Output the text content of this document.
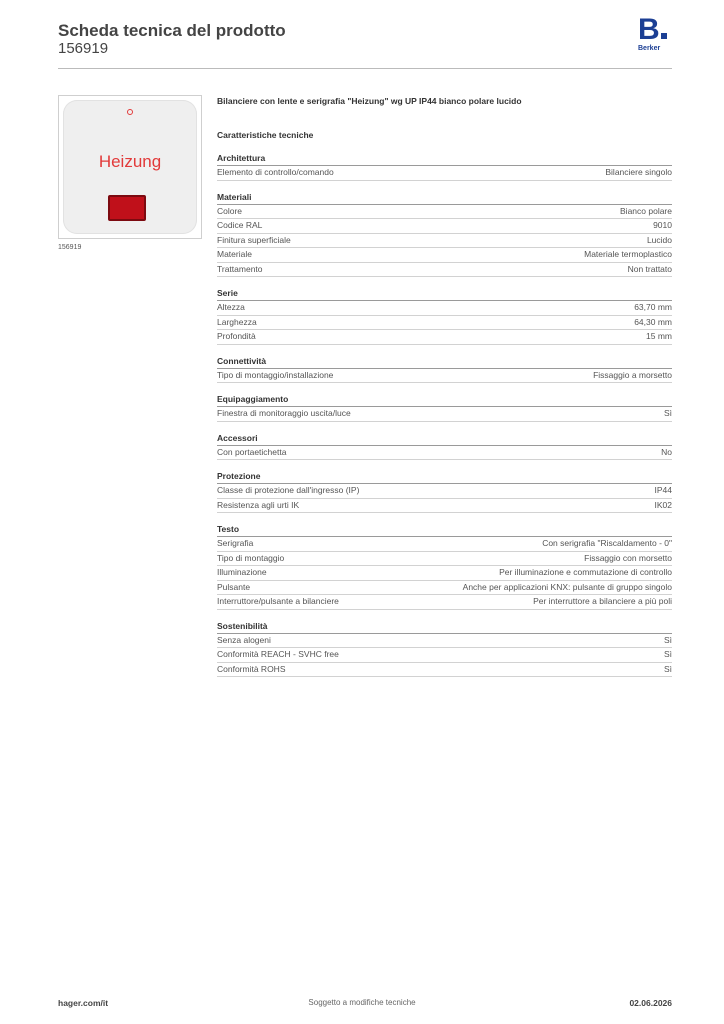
Scheda tecnica del prodotto
156919
B
Berker
Heizung
156919
Bilanciere con lente e serigrafia "Heizung" wg UP IP44 bianco polare lucido
Caratteristiche tecniche
Architettura
Elemento di controllo/comando	Bilanciere singolo
Materiali
Colore	Bianco polare
Codice RAL	9010
Finitura superficiale	Lucido
Materiale	Materiale termoplastico
Trattamento	Non trattato
Serie
Altezza	63,70 mm
Larghezza	64,30 mm
Profondità	15 mm
Connettività
Tipo di montaggio/installazione	Fissaggio a morsetto
Equipaggiamento
Finestra di monitoraggio uscita/luce	Sì
Accessori
Con portaetichetta	No
Protezione
Classe di protezione dall'ingresso (IP)	IP44
Resistenza agli urti IK	IK02
Testo
Serigrafia	Con serigrafia "Riscaldamento - 0"
Tipo di montaggio	Fissaggio con morsetto
Illuminazione	Per illuminazione e commutazione di controllo
Pulsante	Anche per applicazioni KNX: pulsante di gruppo singolo
Interruttore/pulsante a bilanciere	Per interruttore a bilanciere a più poli
Sostenibilità
Senza alogeni	Sì
Conformità REACH - SVHC free	Sì
Conformità ROHS	Sì
hager.com/it	Soggetto a modifiche tecniche	02.06.2026
